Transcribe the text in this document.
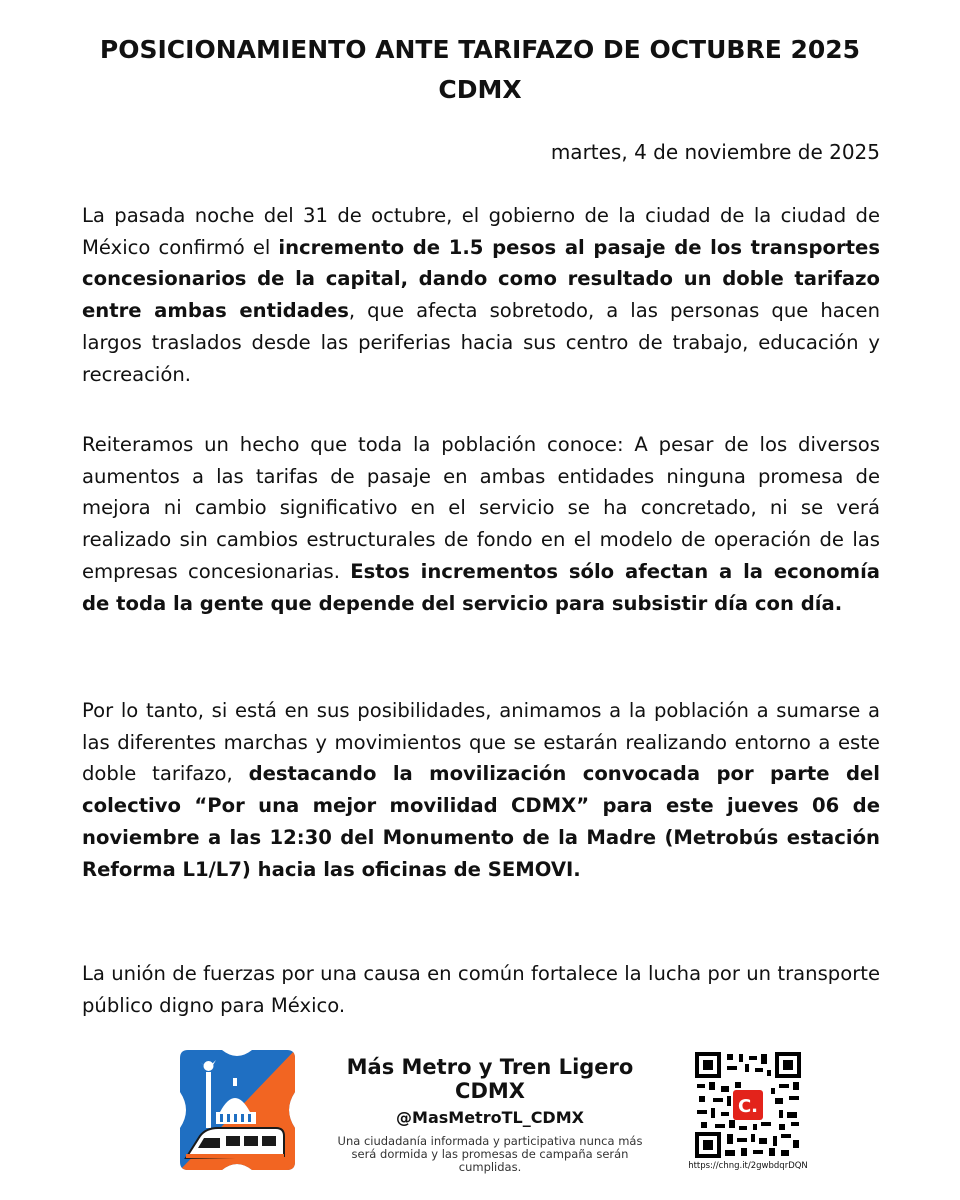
POSICIONAMIENTO ANTE TARIFAZO DE OCTUBRE 2025 CDMX

martes, 4 de noviembre de 2025

La pasada noche del 31 de octubre, el gobierno de la ciudad de la ciudad de México confirmó el incremento de 1.5 pesos al pasaje de los transportes concesionarios de la capital, dando como resultado un doble tarifazo entre ambas entidades, que afecta sobretodo, a las personas que hacen largos traslados desde las periferias hacia sus centro de trabajo, educación y recreación.

Reiteramos un hecho que toda la población conoce: A pesar de los diversos aumentos a las tarifas de pasaje en ambas entidades ninguna promesa de mejora ni cambio significativo en el servicio se ha concretado, ni se verá realizado sin cambios estructurales de fondo en el modelo de operación de las empresas concesionarias. Estos incrementos sólo afectan a la economía de toda la gente que depende del servicio para subsistir día con día.

Por lo tanto, si está en sus posibilidades, animamos a la población a sumarse a las diferentes marchas y movimientos que se estarán realizando entorno a este doble tarifazo, destacando la movilización convocada por parte del colectivo “Por una mejor movilidad CDMX” para este jueves 06 de noviembre a las 12:30 del Monumento de la Madre (Metrobús estación Reforma L1/L7) hacia las oficinas de SEMOVI.

La unión de fuerzas por una causa en común fortalece la lucha por un transporte público digno para México.

Más Metro y Tren Ligero CDMX
@MasMetroTL_CDMX
Una ciudadanía informada y participativa nunca más será dormida y las promesas de campaña serán cumplidas.
C.

https://chng.it/2gwbdqrDQN
